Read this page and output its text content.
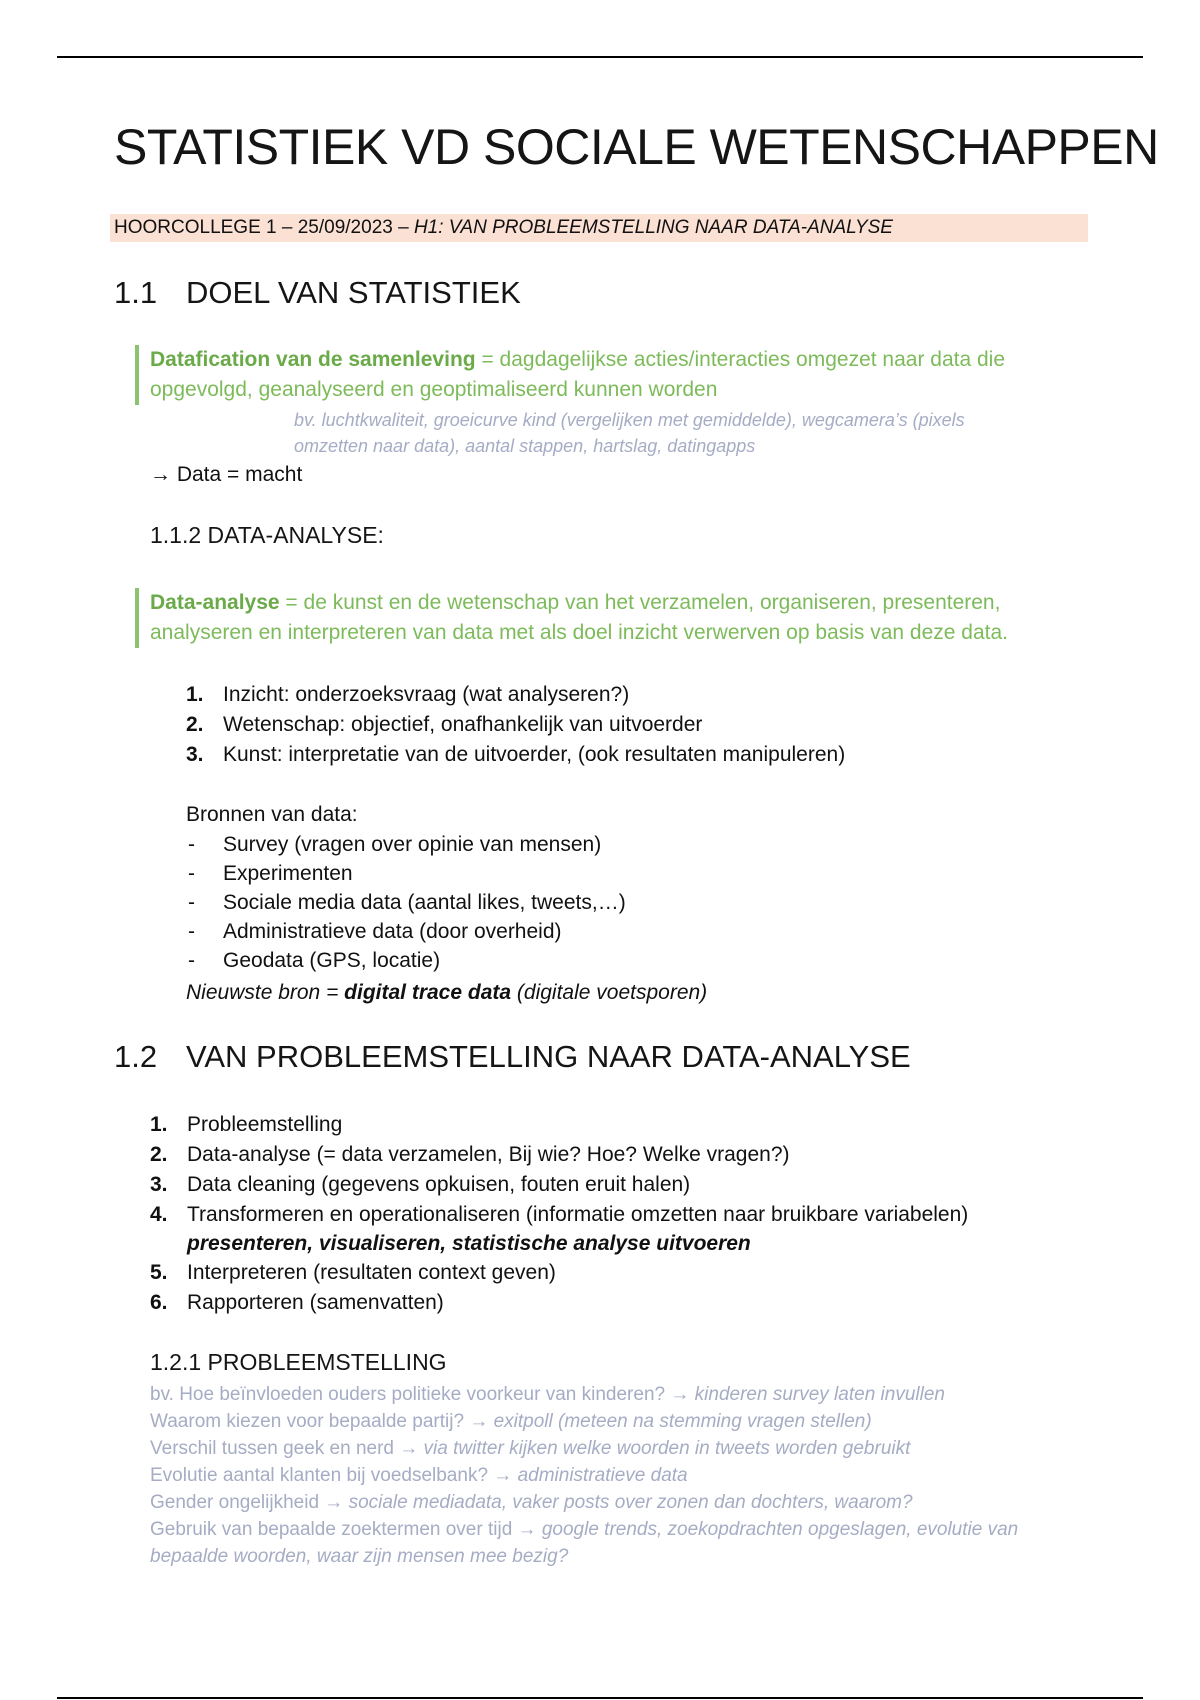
STATISTIEK VD SOCIALE WETENSCHAPPEN
HOORCOLLEGE 1 – 25/09/2023 – H1: VAN PROBLEEMSTELLING NAAR DATA-ANALYSE
1.1 DOEL VAN STATISTIEK
Datafication van de samenleving = dagdagelijkse acties/interacties omgezet naar data die
opgevolgd, geanalyseerd en geoptimaliseerd kunnen worden
bv. luchtkwaliteit, groeicurve kind (vergelijken met gemiddelde), wegcamera’s (pixels
omzetten naar data), aantal stappen, hartslag, datingapps
→ Data = macht
1.1.2 DATA-ANALYSE:
Data-analyse = de kunst en de wetenschap van het verzamelen, organiseren, presenteren,
analyseren en interpreteren van data met als doel inzicht verwerven op basis van deze data.
1. Inzicht: onderzoeksvraag (wat analyseren?)
2. Wetenschap: objectief, onafhankelijk van uitvoerder
3. Kunst: interpretatie van de uitvoerder, (ook resultaten manipuleren)
Bronnen van data:
- Survey (vragen over opinie van mensen)
- Experimenten
- Sociale media data (aantal likes, tweets,…)
- Administratieve data (door overheid)
- Geodata (GPS, locatie)
Nieuwste bron = digital trace data (digitale voetsporen)
1.2 VAN PROBLEEMSTELLING NAAR DATA-ANALYSE
1. Probleemstelling
2. Data-analyse (= data verzamelen, Bij wie? Hoe? Welke vragen?)
3. Data cleaning (gegevens opkuisen, fouten eruit halen)
4. Transformeren en operationaliseren (informatie omzetten naar bruikbare variabelen)
presenteren, visualiseren, statistische analyse uitvoeren
5. Interpreteren (resultaten context geven)
6. Rapporteren (samenvatten)
1.2.1 PROBLEEMSTELLING
bv. Hoe beïnvloeden ouders politieke voorkeur van kinderen? → kinderen survey laten invullen
Waarom kiezen voor bepaalde partij? → exitpoll (meteen na stemming vragen stellen)
Verschil tussen geek en nerd → via twitter kijken welke woorden in tweets worden gebruikt
Evolutie aantal klanten bij voedselbank? → administratieve data
Gender ongelijkheid → sociale mediadata, vaker posts over zonen dan dochters, waarom?
Gebruik van bepaalde zoektermen over tijd → google trends, zoekopdrachten opgeslagen, evolutie van
bepaalde woorden, waar zijn mensen mee bezig?
